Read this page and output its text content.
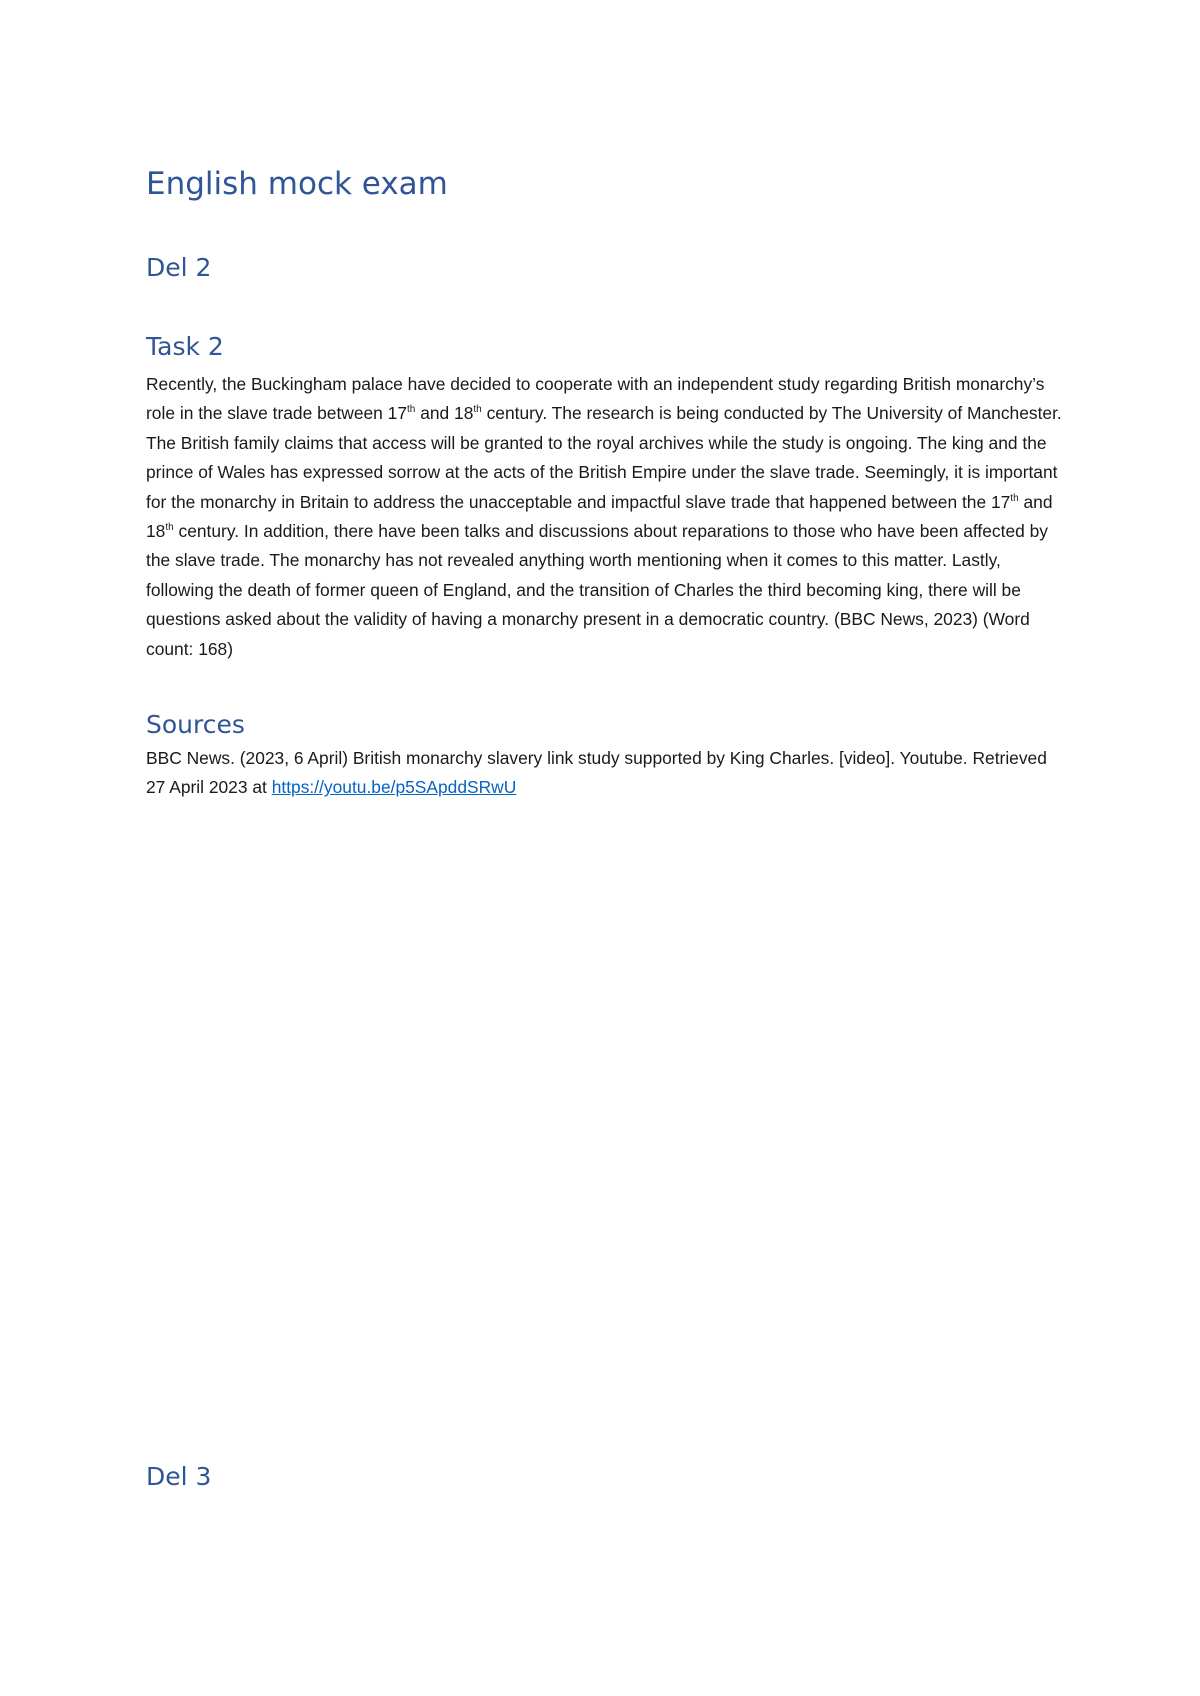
English mock exam
Del 2
Task 2

Recently, the Buckingham palace have decided to cooperate with an independent study regarding British monarchy’s role in the slave trade between 17th and 18th century. The research is being conducted by The University of Manchester. The British family claims that access will be granted to the royal archives while the study is ongoing. The king and the prince of Wales has expressed sorrow at the acts of the British Empire under the slave trade. Seemingly, it is important for the monarchy in Britain to address the unacceptable and impactful slave trade that happened between the 17th and 18th century. In addition, there have been talks and discussions about reparations to those who have been affected by the slave trade. The monarchy has not revealed anything worth mentioning when it comes to this matter. Lastly, following the death of former queen of England, and the transition of Charles the third becoming king, there will be questions asked about the validity of having a monarchy present in a democratic country. (BBC News, 2023) (Word count: 168)

Sources

BBC News. (2023, 6 April) British monarchy slavery link study supported by King Charles. [video]. Youtube. Retrieved 27 April 2023 at https://youtu.be/p5SApddSRwU

Del 3
